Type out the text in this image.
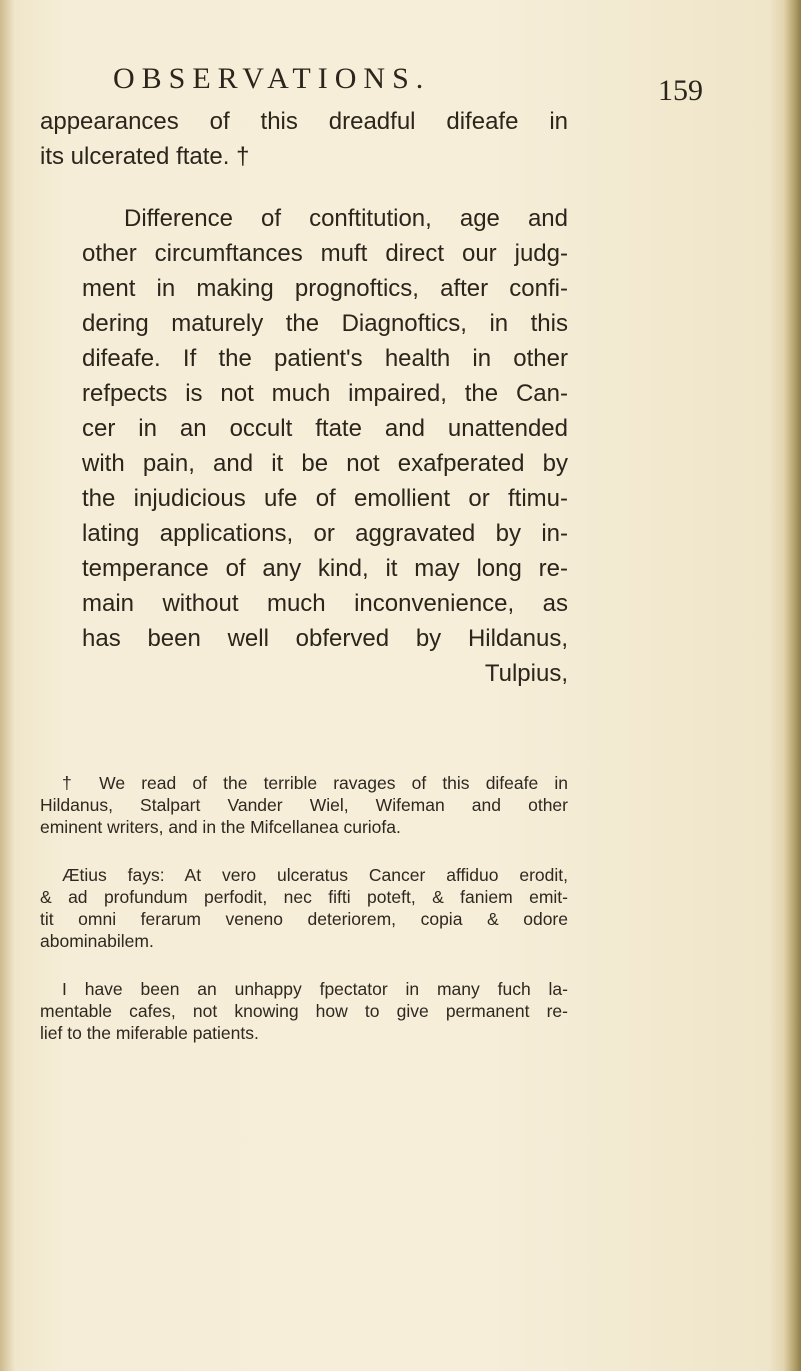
OBSERVATIONS.	159

appearances of this dreadful difeafe in

its ulcerated ftate. †

Difference of conftitution, age and

other circumftances muft direct our judg-

ment in making prognoftics, after confi-

dering maturely the Diagnoftics, in this

difeafe. If the patient's health in other

refpects is not much impaired, the Can-

cer in an occult ftate and unattended

with pain, and it be not exafperated by

the injudicious ufe of emollient or ftimu-

lating applications, or aggravated by in-

temperance of any kind, it may long re-

main without much inconvenience, as

has been well obferved by Hildanus,

Tulpius,

† We read of the terrible ravages of this difeafe in

Hildanus, Stalpart Vander Wiel, Wifeman and other

eminent writers, and in the Mifcellanea curiofa.

Ætius fays: At vero ulceratus Cancer affiduo erodit,

& ad profundum perfodit, nec fifti poteft, & faniem emit-

tit omni ferarum veneno deteriorem, copia & odore

abominabilem.

I have been an unhappy fpectator in many fuch la-

mentable cafes, not knowing how to give permanent re-

lief to the miferable patients.
